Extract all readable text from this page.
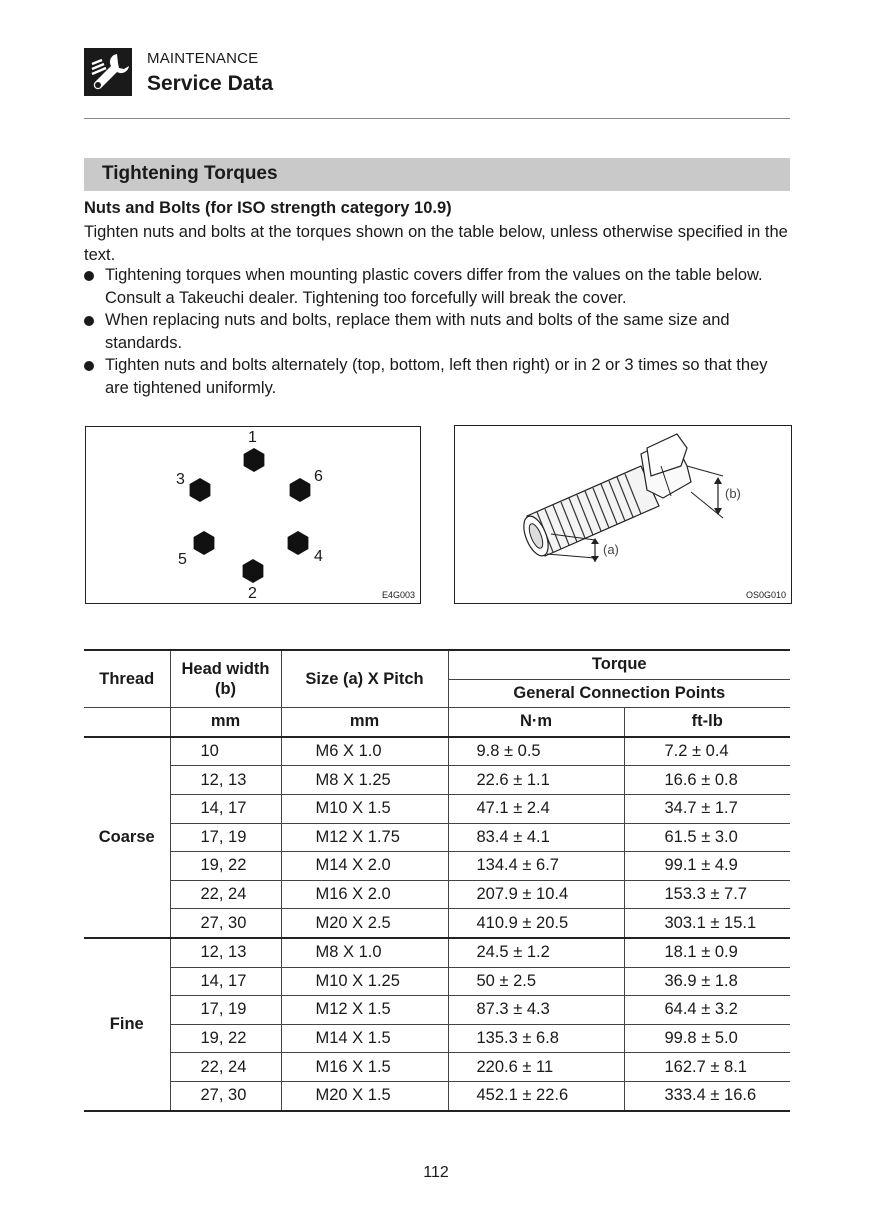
MAINTENANCE
Service Data
Tightening Torques
Nuts and Bolts (for ISO strength category 10.9)
Tighten nuts and bolts at the torques shown on the table below, unless otherwise specified in the text.
Tightening torques when mounting plastic covers differ from the values on the table below. Consult a Takeuchi dealer. Tightening too forcefully will break the cover.
When replacing nuts and bolts, replace them with nuts and bolts of the same size and standards.
Tighten nuts and bolts alternately (top, bottom, left then right) or in 2 or 3 times so that they are tightened uniformly.
1
2
3
4
5
6
E4G003
(a)
(b)
OS0G010
Thread	Head width (b)	Size (a) X Pitch	Torque	
			General Connection Points	
	mm	mm	N·m	ft-lb
Coarse	10	M6 X 1.0	9.8 ± 0.5	7.2 ± 0.4
	12, 13	M8 X 1.25	22.6 ± 1.1	16.6 ± 0.8
	14, 17	M10 X 1.5	47.1 ± 2.4	34.7 ± 1.7
	17, 19	M12 X 1.75	83.4 ± 4.1	61.5 ± 3.0
	19, 22	M14 X 2.0	134.4 ± 6.7	99.1 ± 4.9
	22, 24	M16 X 2.0	207.9 ± 10.4	153.3 ± 7.7
	27, 30	M20 X 2.5	410.9 ± 20.5	303.1 ± 15.1
Fine	12, 13	M8 X 1.0	24.5 ± 1.2	18.1 ± 0.9
	14, 17	M10 X 1.25	50 ± 2.5	36.9 ± 1.8
	17, 19	M12 X 1.5	87.3 ± 4.3	64.4 ± 3.2
	19, 22	M14 X 1.5	135.3 ± 6.8	99.8 ± 5.0
	22, 24	M16 X 1.5	220.6 ± 11	162.7 ± 8.1
	27, 30	M20 X 1.5	452.1 ± 22.6	333.4 ± 16.6
112
